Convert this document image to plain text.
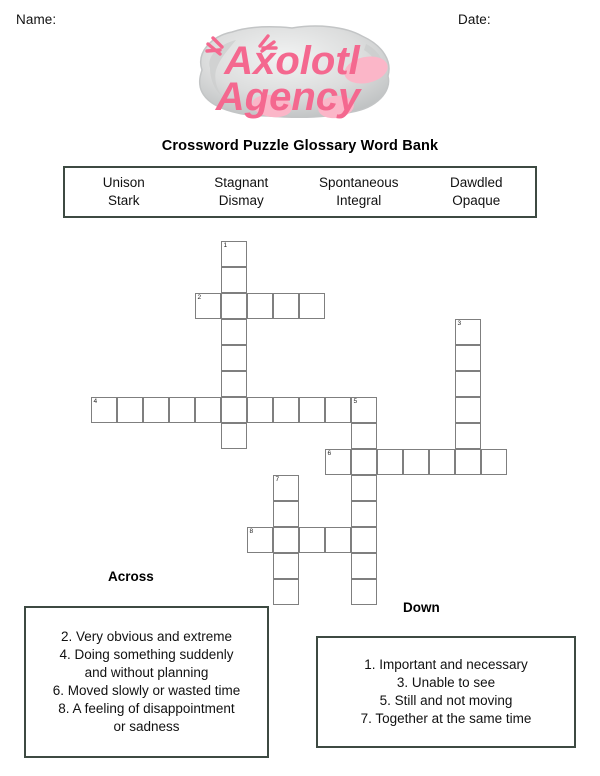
Name:	Date:
Axolotl
Agency
Crossword Puzzle Glossary Word Bank
Unison
Stark
Stagnant
Dismay
Spontaneous
Integral
Dawdled
Opaque
1
2
3
4	5
6
7
8
Across
2. Very obvious and extreme
4. Doing something suddenly
and without planning
6. Moved slowly or wasted time
8. A feeling of disappointment
or sadness
Down
1. Important and necessary
3. Unable to see
5. Still and not moving
7. Together at the same time
